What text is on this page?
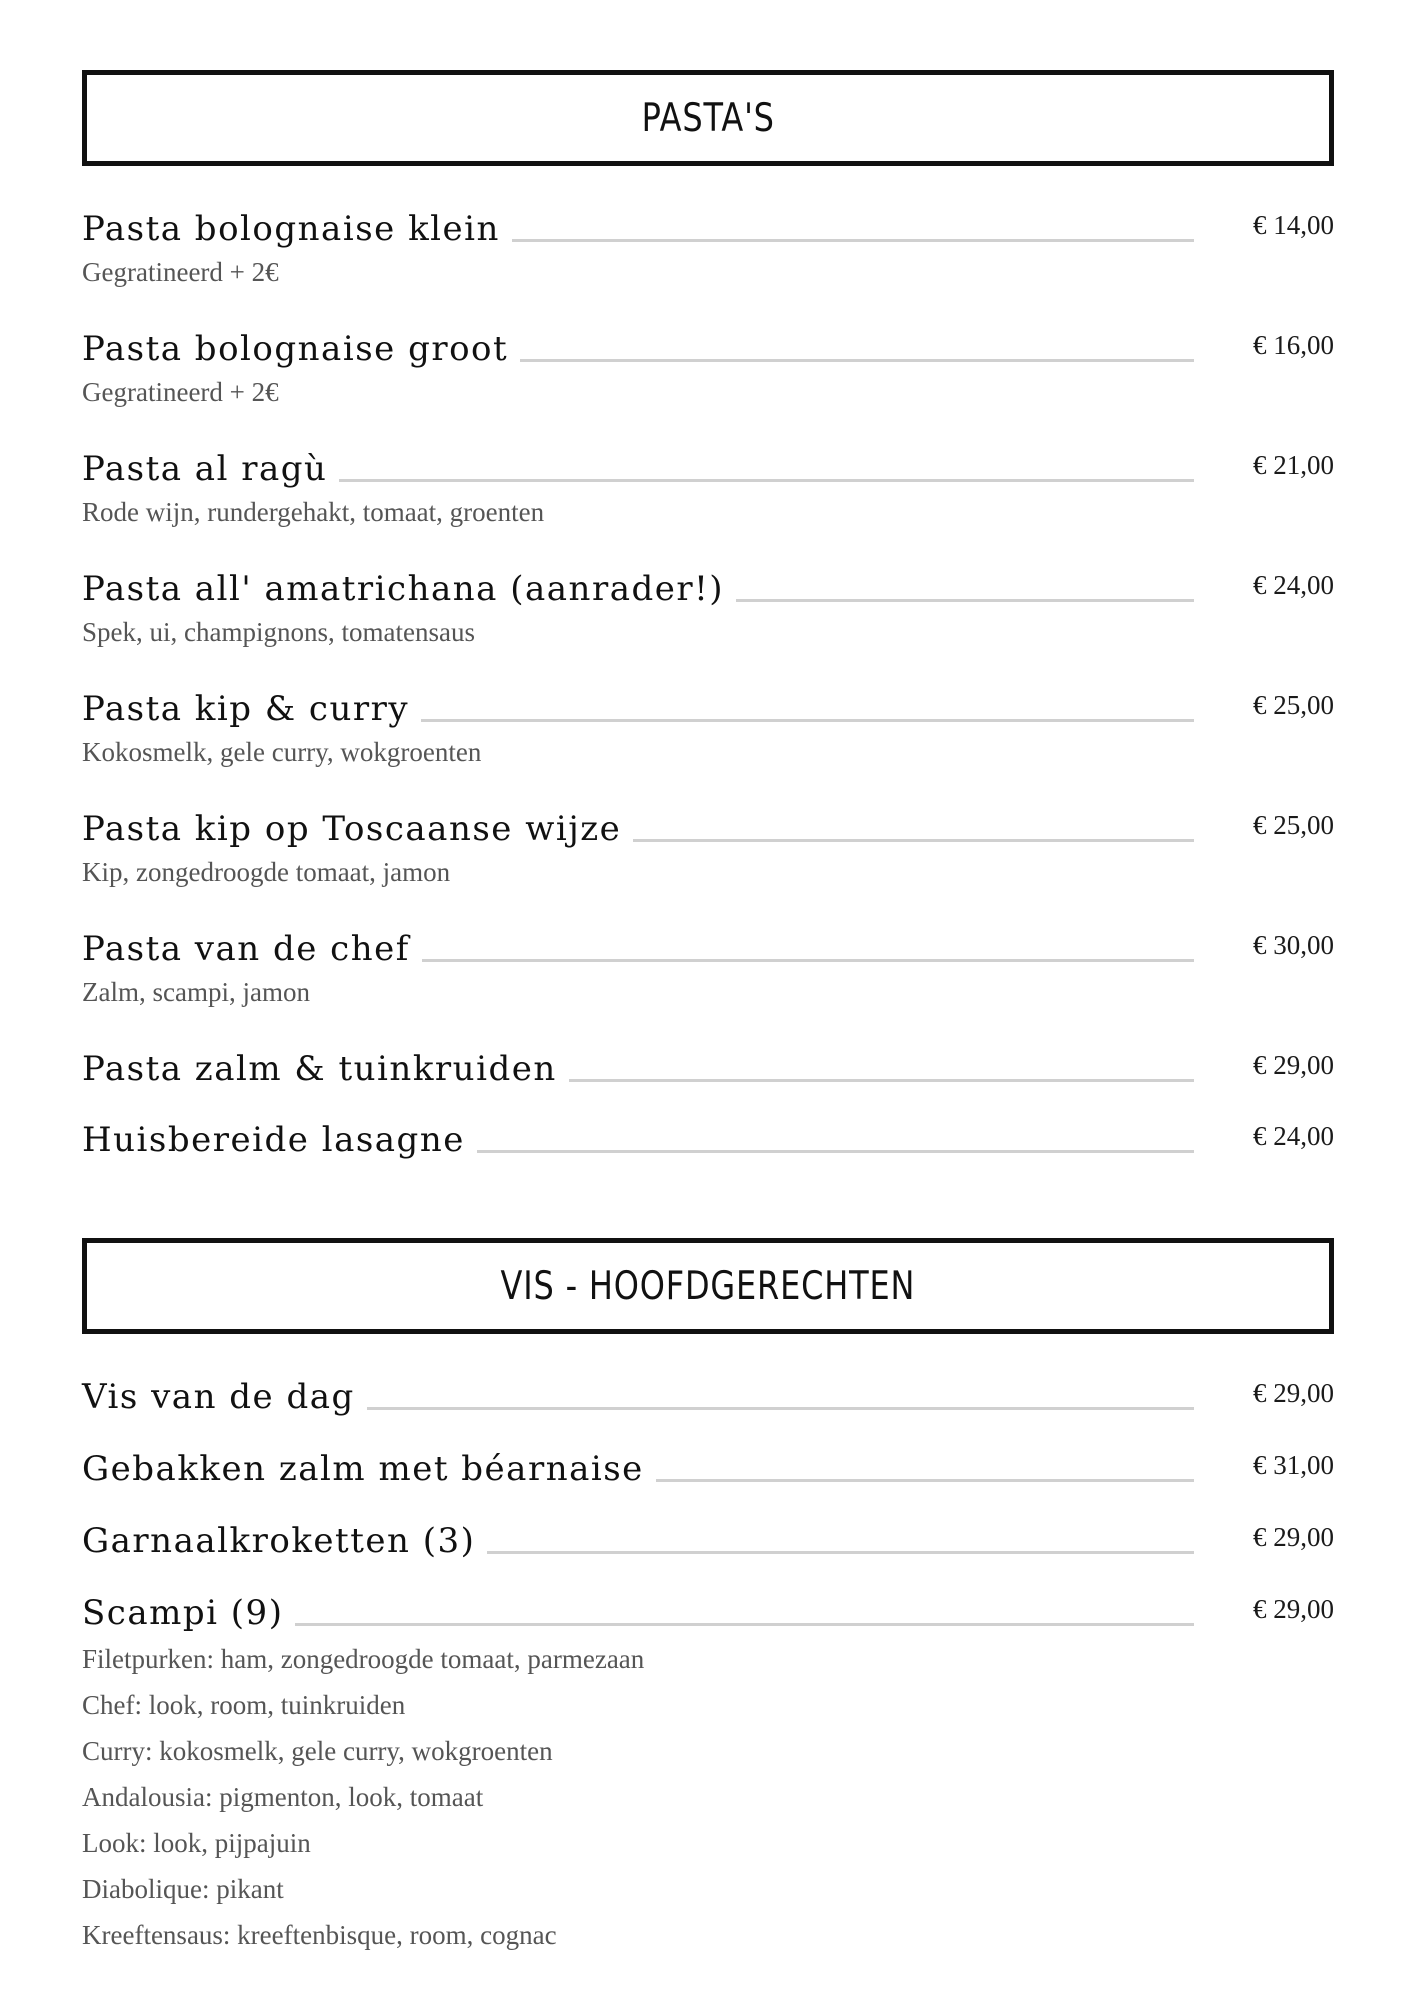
PASTA'S
Pasta bolognaise klein	€ 14,00
Gegratineerd + 2€
Pasta bolognaise groot	€ 16,00
Gegratineerd + 2€
Pasta al ragù	€ 21,00
Rode wijn, rundergehakt, tomaat, groenten
Pasta all' amatrichana (aanrader!)	€ 24,00
Spek, ui, champignons, tomatensaus
Pasta kip & curry	€ 25,00
Kokosmelk, gele curry, wokgroenten
Pasta kip op Toscaanse wijze	€ 25,00
Kip, zongedroogde tomaat, jamon
Pasta van de chef	€ 30,00
Zalm, scampi, jamon
Pasta zalm & tuinkruiden	€ 29,00
Huisbereide lasagne	€ 24,00
VIS - HOOFDGERECHTEN
Vis van de dag	€ 29,00
Gebakken zalm met béarnaise	€ 31,00
Garnaalkroketten (3)	€ 29,00
Scampi (9)	€ 29,00
Filetpurken: ham, zongedroogde tomaat, parmezaan
Chef: look, room, tuinkruiden
Curry: kokosmelk, gele curry, wokgroenten
Andalousia: pigmenton, look, tomaat
Look: look, pijpajuin
Diabolique: pikant
Kreeftensaus: kreeftenbisque, room, cognac
